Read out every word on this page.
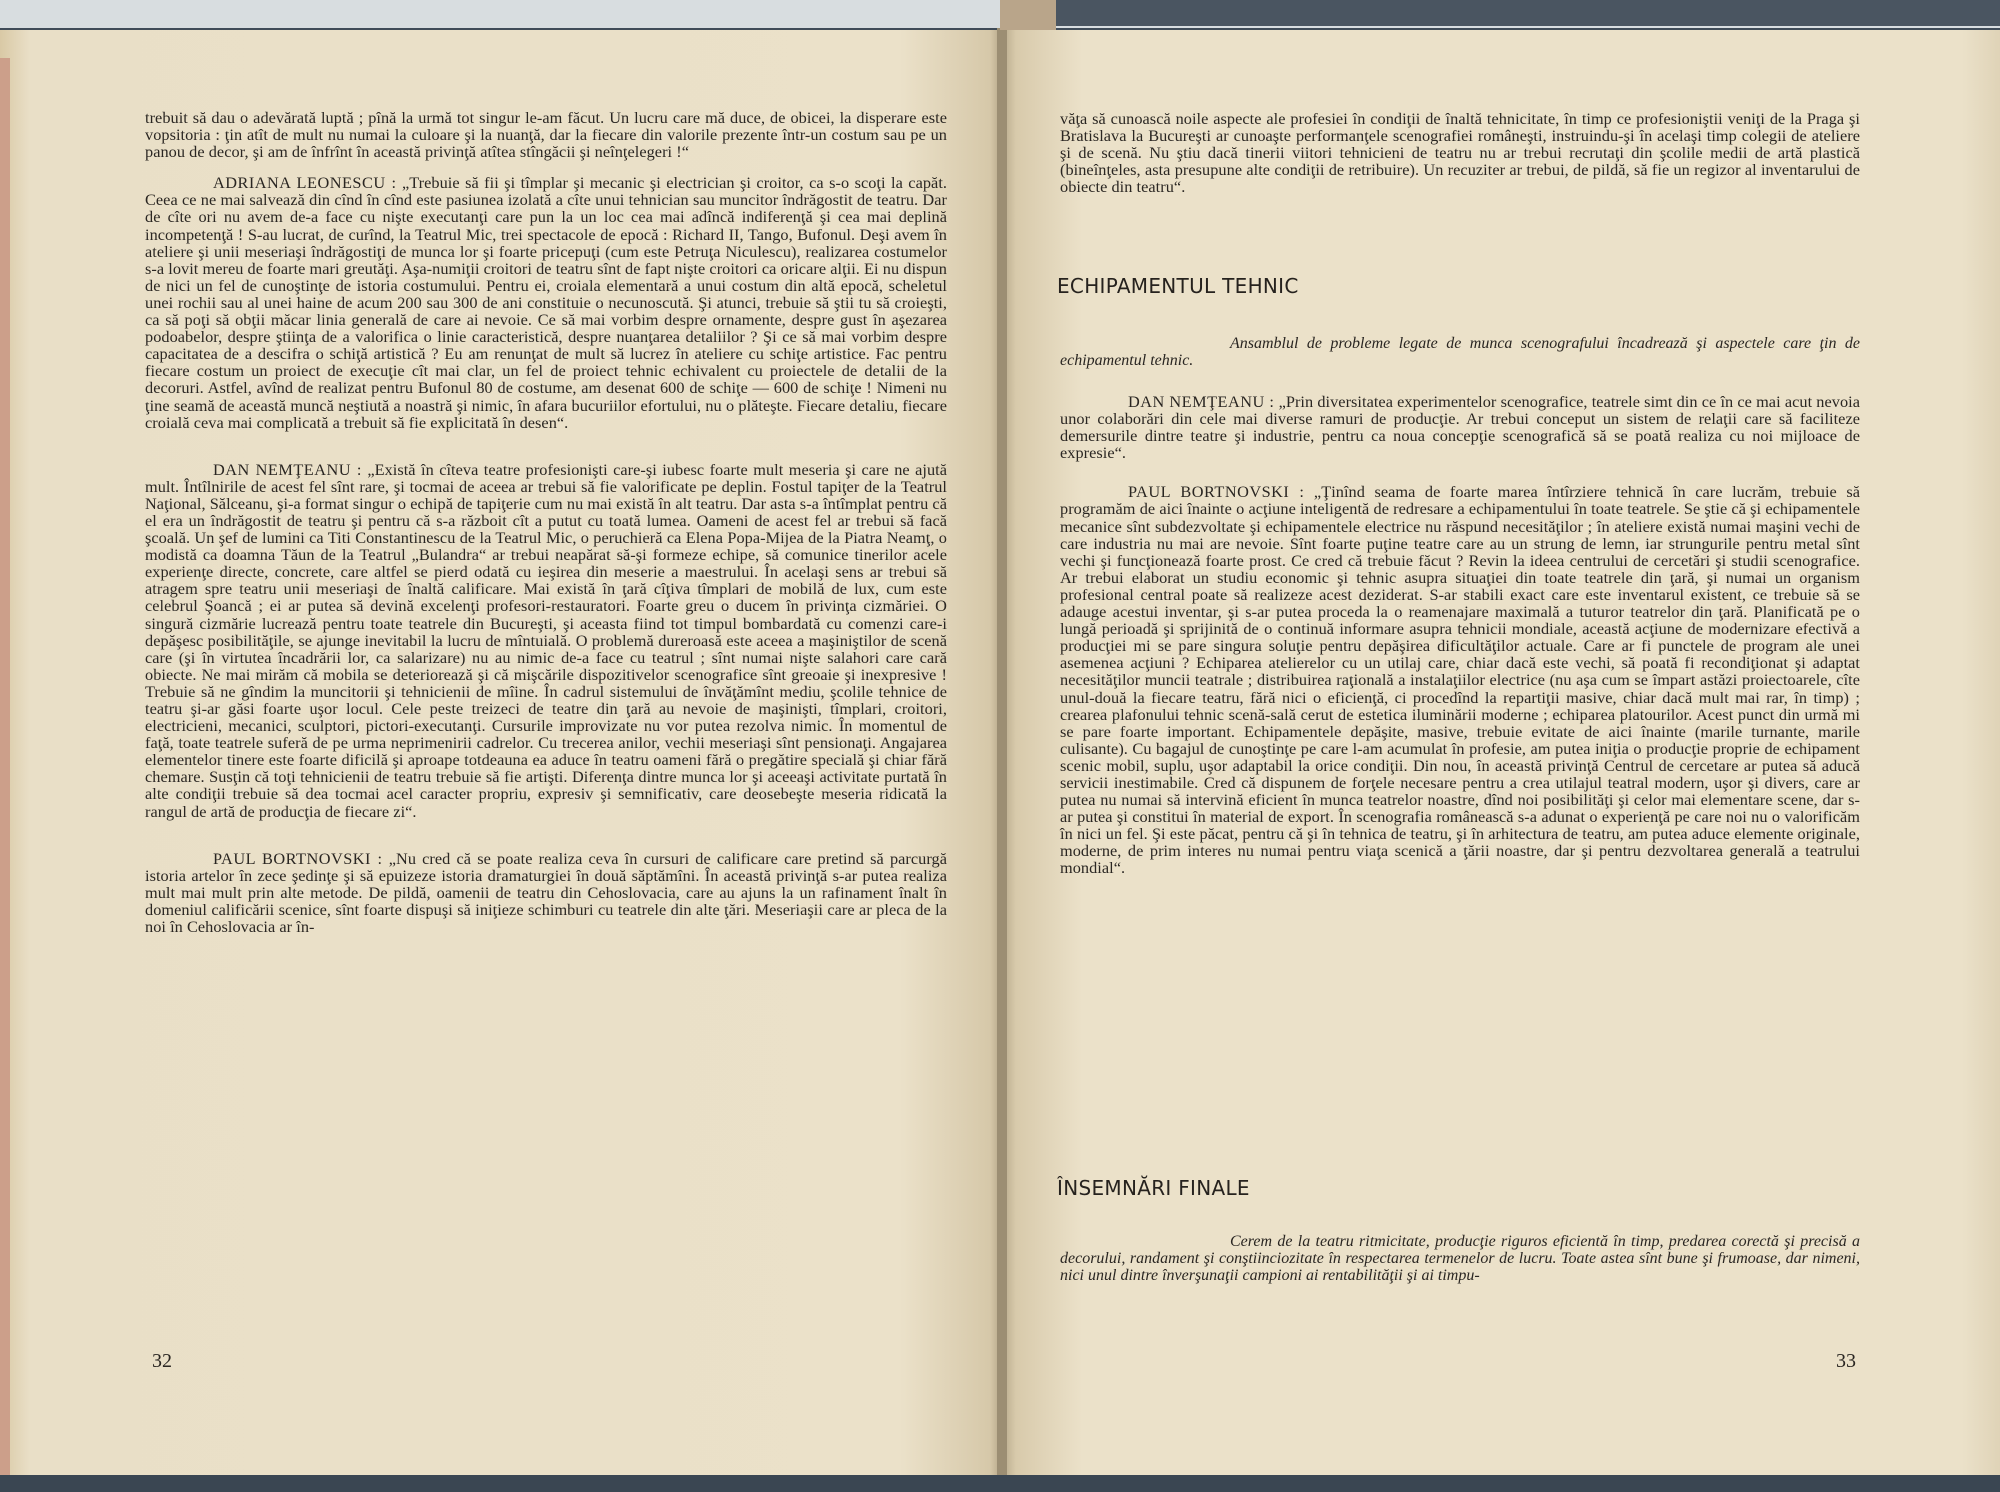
trebuit să dau o adevărată luptă ; pînă la urmă tot singur le-am făcut. Un lucru care mă duce, de obicei, la disperare este vopsitoria : ţin atît de mult nu numai la culoare şi la nuanţă, dar la fiecare din valorile prezente într-un costum sau pe un panou de decor, şi am de înfrînt în această privinţă atîtea stîngăcii şi neînţelegeri !“

ADRIANA LEONESCU : „Trebuie să fii şi tîmplar şi mecanic şi electrician şi croitor, ca s-o scoţi la capăt. Ceea ce ne mai salvează din cînd în cînd este pasiunea izolată a cîte unui tehnician sau muncitor îndrăgostit de teatru. Dar de cîte ori nu avem de-a face cu nişte executanţi care pun la un loc cea mai adîncă indiferenţă şi cea mai deplină incompetenţă ! S-au lucrat, de curînd, la Teatrul Mic, trei spectacole de epocă : Richard II, Tango, Bufonul. Deşi avem în ateliere şi unii meseriaşi îndrăgostiţi de munca lor şi foarte pricepuţi (cum este Petruţa Niculescu), realizarea costumelor s-a lovit mereu de foarte mari greutăţi. Aşa-numiţii croitori de teatru sînt de fapt nişte croitori ca oricare alţii. Ei nu dispun de nici un fel de cunoştinţe de istoria costumului. Pentru ei, croiala elementară a unui costum din altă epocă, scheletul unei rochii sau al unei haine de acum 200 sau 300 de ani constituie o necunoscută. Şi atunci, trebuie să ştii tu să croieşti, ca să poţi să obţii măcar linia generală de care ai nevoie. Ce să mai vorbim despre ornamente, despre gust în aşezarea podoabelor, despre ştiinţa de a valorifica o linie caracteristică, despre nuanţarea detaliilor ? Şi ce să mai vorbim despre capacitatea de a descifra o schiţă artistică ? Eu am renunţat de mult să lucrez în ateliere cu schiţe artistice. Fac pentru fiecare costum un proiect de execuţie cît mai clar, un fel de proiect tehnic echivalent cu proiectele de detalii de la decoruri. Astfel, avînd de realizat pentru Bufonul 80 de costume, am desenat 600 de schiţe — 600 de schiţe ! Nimeni nu ţine seamă de această muncă neştiută a noastră şi nimic, în afara bucuriilor efortului, nu o plăteşte. Fiecare detaliu, fiecare croială ceva mai complicată a trebuit să fie explicitată în desen“.

DAN NEMŢEANU : „Există în cîteva teatre profesionişti care-şi iubesc foarte mult meseria şi care ne ajută mult. Întîlnirile de acest fel sînt rare, şi tocmai de aceea ar trebui să fie valorificate pe deplin. Fostul tapiţer de la Teatrul Naţional, Sălceanu, şi-a format singur o echipă de tapiţerie cum nu mai există în alt teatru. Dar asta s-a întîmplat pentru că el era un îndrăgostit de teatru şi pentru că s-a războit cît a putut cu toată lumea. Oameni de acest fel ar trebui să facă şcoală. Un şef de lumini ca Titi Constantinescu de la Teatrul Mic, o peruchieră ca Elena Popa-Mijea de la Piatra Neamţ, o modistă ca doamna Tăun de la Teatrul „Bulandra“ ar trebui neapărat să-şi formeze echipe, să comunice tinerilor acele experienţe directe, concrete, care altfel se pierd odată cu ieşirea din meserie a maestrului. În acelaşi sens ar trebui să atragem spre teatru unii meseriaşi de înaltă calificare. Mai există în ţară cîţiva tîmplari de mobilă de lux, cum este celebrul Şoancă ; ei ar putea să devină excelenţi profesori-restauratori. Foarte greu o ducem în privinţa cizmăriei. O singură cizmărie lucrează pentru toate teatrele din Bucureşti, şi aceasta fiind tot timpul bombardată cu comenzi care-i depăşesc posibilităţile, se ajunge inevitabil la lucru de mîntuială. O problemă dureroasă este aceea a maşiniştilor de scenă care (şi în virtutea încadrării lor, ca salarizare) nu au nimic de-a face cu teatrul ; sînt numai nişte salahori care cară obiecte. Ne mai mirăm că mobila se deteriorează şi că mişcările dispozitivelor scenografice sînt greoaie şi inexpresive ! Trebuie să ne gîndim la muncitorii şi tehnicienii de mîine. În cadrul sistemului de învăţămînt mediu, şcolile tehnice de teatru şi-ar găsi foarte uşor locul. Cele peste treizeci de teatre din ţară au nevoie de maşinişti, tîmplari, croitori, electricieni, mecanici, sculptori, pictori-executanţi. Cursurile improvizate nu vor putea rezolva nimic. În momentul de faţă, toate teatrele suferă de pe urma neprimenirii cadrelor. Cu trecerea anilor, vechii meseriaşi sînt pensionaţi. Angajarea elementelor tinere este foarte dificilă şi aproape totdeauna ea aduce în teatru oameni fără o pregătire specială şi chiar fără chemare. Susţin că toţi tehnicienii de teatru trebuie să fie artişti. Diferenţa dintre munca lor şi aceeaşi activitate purtată în alte condiţii trebuie să dea tocmai acel caracter propriu, expresiv şi semnificativ, care deosebeşte meseria ridicată la rangul de artă de producţia de fiecare zi“.

PAUL BORTNOVSKI : „Nu cred că se poate realiza ceva în cursuri de calificare care pretind să parcurgă istoria artelor în zece şedinţe şi să epuizeze istoria dramaturgiei în două săptămîni. În această privinţă s-ar putea realiza mult mai mult prin alte metode. De pildă, oamenii de teatru din Cehoslovacia, care au ajuns la un rafinament înalt în domeniul calificării scenice, sînt foarte dispuşi să iniţieze schimburi cu teatrele din alte ţări. Meseriaşii care ar pleca de la noi în Cehoslovacia ar în-

32

văţa să cunoască noile aspecte ale profesiei în condiţii de înaltă tehnicitate, în timp ce profesioniştii veniţi de la Praga şi Bratislava la Bucureşti ar cunoaşte performanţele scenografiei româneşti, instruindu-şi în acelaşi timp colegii de ateliere şi de scenă. Nu ştiu dacă tinerii viitori tehnicieni de teatru nu ar trebui recrutaţi din şcolile medii de artă plastică (bineînţeles, asta presupune alte condiţii de retribuire). Un recuziter ar trebui, de pildă, să fie un regizor al inventarului de obiecte din teatru“.

ECHIPAMENTUL TEHNIC
Ansamblul de probleme legate de munca scenografului încadrează şi aspectele care ţin de echipamentul tehnic.

DAN NEMŢEANU : „Prin diversitatea experimentelor scenografice, teatrele simt din ce în ce mai acut nevoia unor colaborări din cele mai diverse ramuri de producţie. Ar trebui conceput un sistem de relaţii care să faciliteze demersurile dintre teatre şi industrie, pentru ca noua concepţie scenografică să se poată realiza cu noi mijloace de expresie“.

PAUL BORTNOVSKI : „Ţinînd seama de foarte marea întîrziere tehnică în care lucrăm, trebuie să programăm de aici înainte o acţiune inteligentă de redresare a echipamentului în toate teatrele. Se ştie că şi echipamentele mecanice sînt subdezvoltate şi echipamentele electrice nu răspund necesităţilor ; în ateliere există numai maşini vechi de care industria nu mai are nevoie. Sînt foarte puţine teatre care au un strung de lemn, iar strungurile pentru metal sînt vechi şi funcţionează foarte prost. Ce cred că trebuie făcut ? Revin la ideea centrului de cercetări şi studii scenografice. Ar trebui elaborat un studiu economic şi tehnic asupra situaţiei din toate teatrele din ţară, şi numai un organism profesional central poate să realizeze acest deziderat. S-ar stabili exact care este inventarul existent, ce trebuie să se adauge acestui inventar, şi s-ar putea proceda la o reamenajare maximală a tuturor teatrelor din ţară. Planificată pe o lungă perioadă şi sprijinită de o continuă informare asupra tehnicii mondiale, această acţiune de modernizare efectivă a producţiei mi se pare singura soluţie pentru depăşirea dificultăţilor actuale. Care ar fi punctele de program ale unei asemenea acţiuni ? Echiparea atelierelor cu un utilaj care, chiar dacă este vechi, să poată fi recondiţionat şi adaptat necesităţilor muncii teatrale ; distribuirea raţională a instalaţiilor electrice (nu aşa cum se împart astăzi proiectoarele, cîte unul-două la fiecare teatru, fără nici o eficienţă, ci procedînd la repartiţii masive, chiar dacă mult mai rar, în timp) ; crearea plafonului tehnic scenă-sală cerut de estetica iluminării moderne ; echiparea platourilor. Acest punct din urmă mi se pare foarte important. Echipamentele depăşite, masive, trebuie evitate de aici înainte (marile turnante, marile culisante). Cu bagajul de cunoştinţe pe care l-am acumulat în profesie, am putea iniţia o producţie proprie de echipament scenic mobil, suplu, uşor adaptabil la orice condiţii. Din nou, în această privinţă Centrul de cercetare ar putea să aducă servicii inestimabile. Cred că dispunem de forţele necesare pentru a crea utilajul teatral modern, uşor şi divers, care ar putea nu numai să intervină eficient în munca teatrelor noastre, dînd noi posibilităţi şi celor mai elementare scene, dar s-ar putea şi constitui în material de export. În scenografia românească s-a adunat o experienţă pe care noi nu o valorificăm în nici un fel. Şi este păcat, pentru că şi în tehnica de teatru, şi în arhitectura de teatru, am putea aduce elemente originale, moderne, de prim interes nu numai pentru viaţa scenică a ţării noastre, dar şi pentru dezvoltarea generală a teatrului mondial“.

ÎNSEMNĂRI FINALE
Cerem de la teatru ritmicitate, producţie riguros eficientă în timp, predarea corectă şi precisă a decorului, randament şi conştiinciozitate în respectarea termenelor de lucru. Toate astea sînt bune şi frumoase, dar nimeni, nici unul dintre înverşunaţii campioni ai rentabilităţii şi ai timpu-
33
